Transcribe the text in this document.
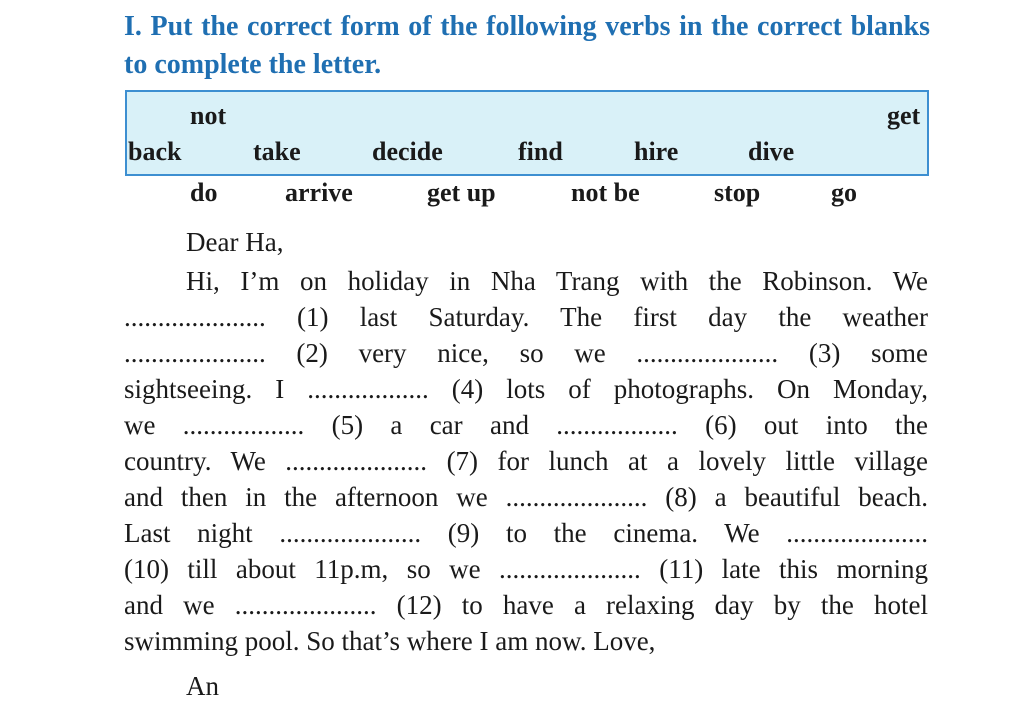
I. Put the correct form of the following verbs in the correct blanks to complete the letter.
not	get
back	take	decide	find	hire	dive
do	arrive	get up	not be	stop	go
Dear Ha,
Hi, I’m on holiday in Nha Trang with the Robinson. We
..................... (1) last Saturday. The first day the weather
..................... (2) very nice, so we ..................... (3) some
sightseeing. I .................. (4) lots of photographs. On Monday,
we .................. (5) a car and .................. (6) out into the
country. We ..................... (7) for lunch at a lovely little village
and then in the afternoon we ..................... (8) a beautiful beach.
Last night ..................... (9) to the cinema. We .....................
(10) till about 11p.m, so we ..................... (11) late this morning
and we ..................... (12) to have a relaxing day by the hotel
swimming pool. So that’s where I am now. Love,
An
